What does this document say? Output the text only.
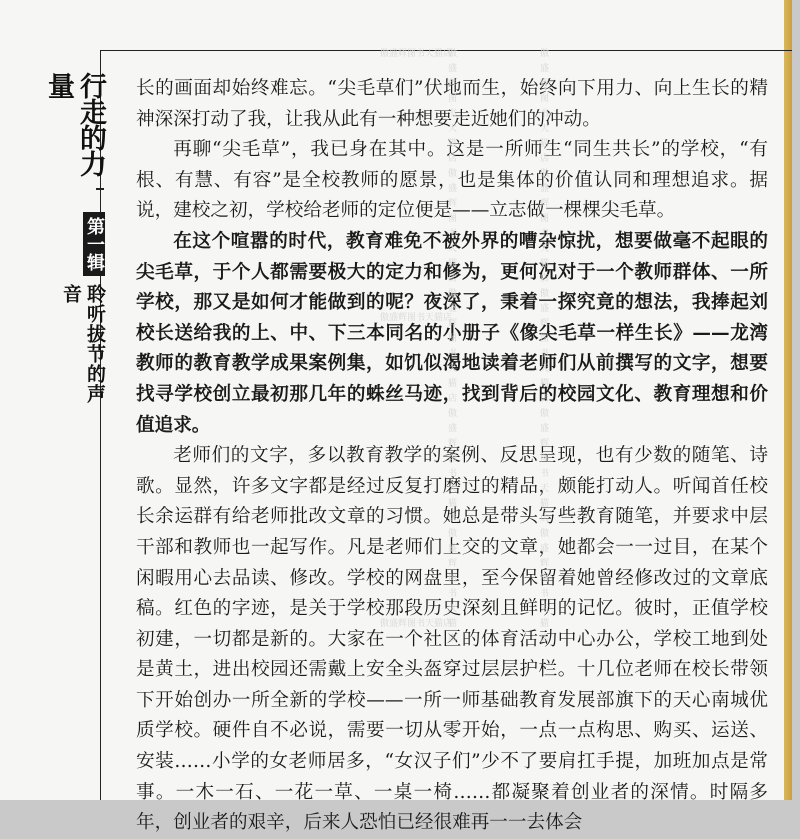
行走的力量
第一辑
聆听拔节的声音

长的画面却始终难忘。“尖毛草们”伏地而生，始终向下用力、向上生长的精神深深打动了我，让我从此有一种想要走近她们的冲动。

再聊“尖毛草”，我已身在其中。这是一所师生“同生共长”的学校，“有根、有慧、有容”是全校教师的愿景，也是集体的价值认同和理想追求。据说，建校之初，学校给老师的定位便是——立志做一棵棵尖毛草。

在这个喧嚣的时代，教育难免不被外界的嘈杂惊扰，想要做毫不起眼的尖毛草，于个人都需要极大的定力和修为，更何况对于一个教师群体、一所学校，那又是如何才能做到的呢？夜深了，秉着一探究竟的想法，我捧起刘校长送给我的上、中、下三本同名的小册子《像尖毛草一样生长》——龙湾教师的教育教学成果案例集，如饥似渴地读着老师们从前撰写的文字，想要找寻学校创立最初那几年的蛛丝马迹，找到背后的校园文化、教育理想和价值追求。

老师们的文字，多以教育教学的案例、反思呈现，也有少数的随笔、诗歌。显然，许多文字都是经过反复打磨过的精品，颇能打动人。听闻首任校长余运群有给老师批改文章的习惯。她总是带头写些教育随笔，并要求中层干部和教师也一起写作。凡是老师们上交的文章，她都会一一过目，在某个闲暇用心去品读、修改。学校的网盘里，至今保留着她曾经修改过的文章底稿。红色的字迹，是关于学校那段历史深刻且鲜明的记忆。彼时，正值学校初建，一切都是新的。大家在一个社区的体育活动中心办公，学校工地到处是黄土，进出校园还需戴上安全头盔穿过层层护栏。十几位老师在校长带领下开始创办一所全新的学校——一所一师基础教育发展部旗下的天心南城优质学校。硬件自不必说，需要一切从零开始，一点一点构思、购买、运送、安装……小学的女老师居多，“女汉子们”少不了要肩扛手提，加班加点是常事。一木一石、一花一草、一桌一椅……都凝聚着创业者的深情。时隔多年，创业者的艰辛，后来人恐怕已经很难再一一去体会

傲盛辉图书天猫店傲盛辉图书天猫店傲盛辉图书天猫店傲盛辉图书天猫店傲盛辉图书天猫店	傲盛辉图书天猫店傲盛辉图书天猫店傲盛辉图书天猫店傲盛辉图书天猫店傲盛辉图书天猫店
傲盛辉图书天猫店
傲盛辉图书天猫店
傲盛辉图书天猫店
